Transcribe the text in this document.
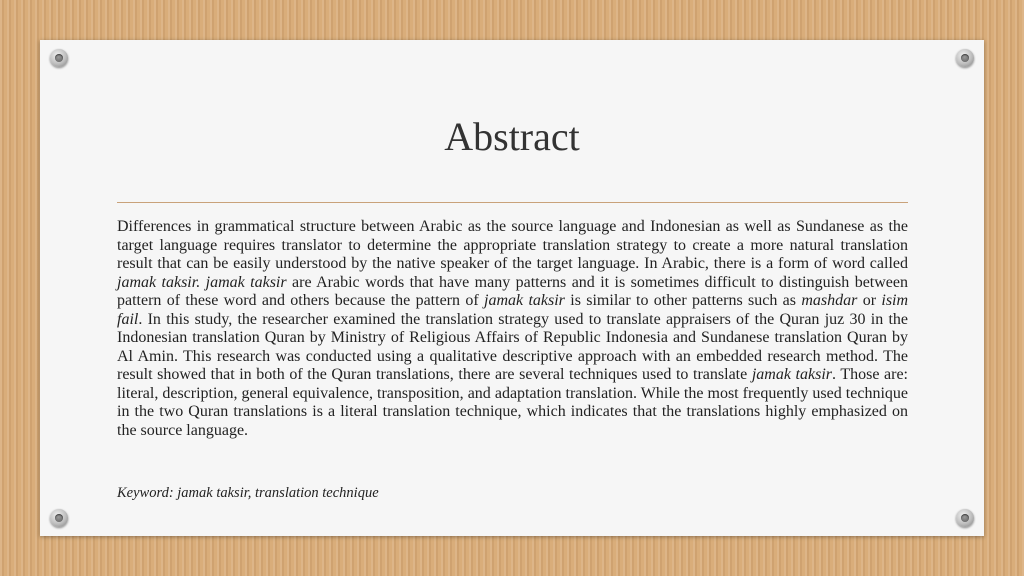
Abstract

Differences in grammatical structure between Arabic as the source language and Indonesian as well as Sundanese as the target language requires translator to determine the appropriate translation strategy to create a more natural translation result that can be easily understood by the native speaker of the target language. In Arabic, there is a form of word called jamak taksir. jamak taksir are Arabic words that have many patterns and it is sometimes difficult to distinguish between pattern of these word and others because the pattern of jamak taksir is similar to other patterns such as mashdar or isim fail. In this study, the researcher examined the translation strategy used to translate appraisers of the Quran juz 30 in the Indonesian translation Quran by Ministry of Religious Affairs of Republic Indonesia and Sundanese translation Quran by Al Amin. This research was conducted using a qualitative descriptive approach with an embedded research method. The result showed that in both of the Quran translations, there are several techniques used to translate jamak taksir. Those are: literal, description, general equivalence, transposition, and adaptation translation. While the most frequently used technique in the two Quran translations is a literal translation technique, which indicates that the translations highly emphasized on the source language.

Keyword: jamak taksir, translation technique
